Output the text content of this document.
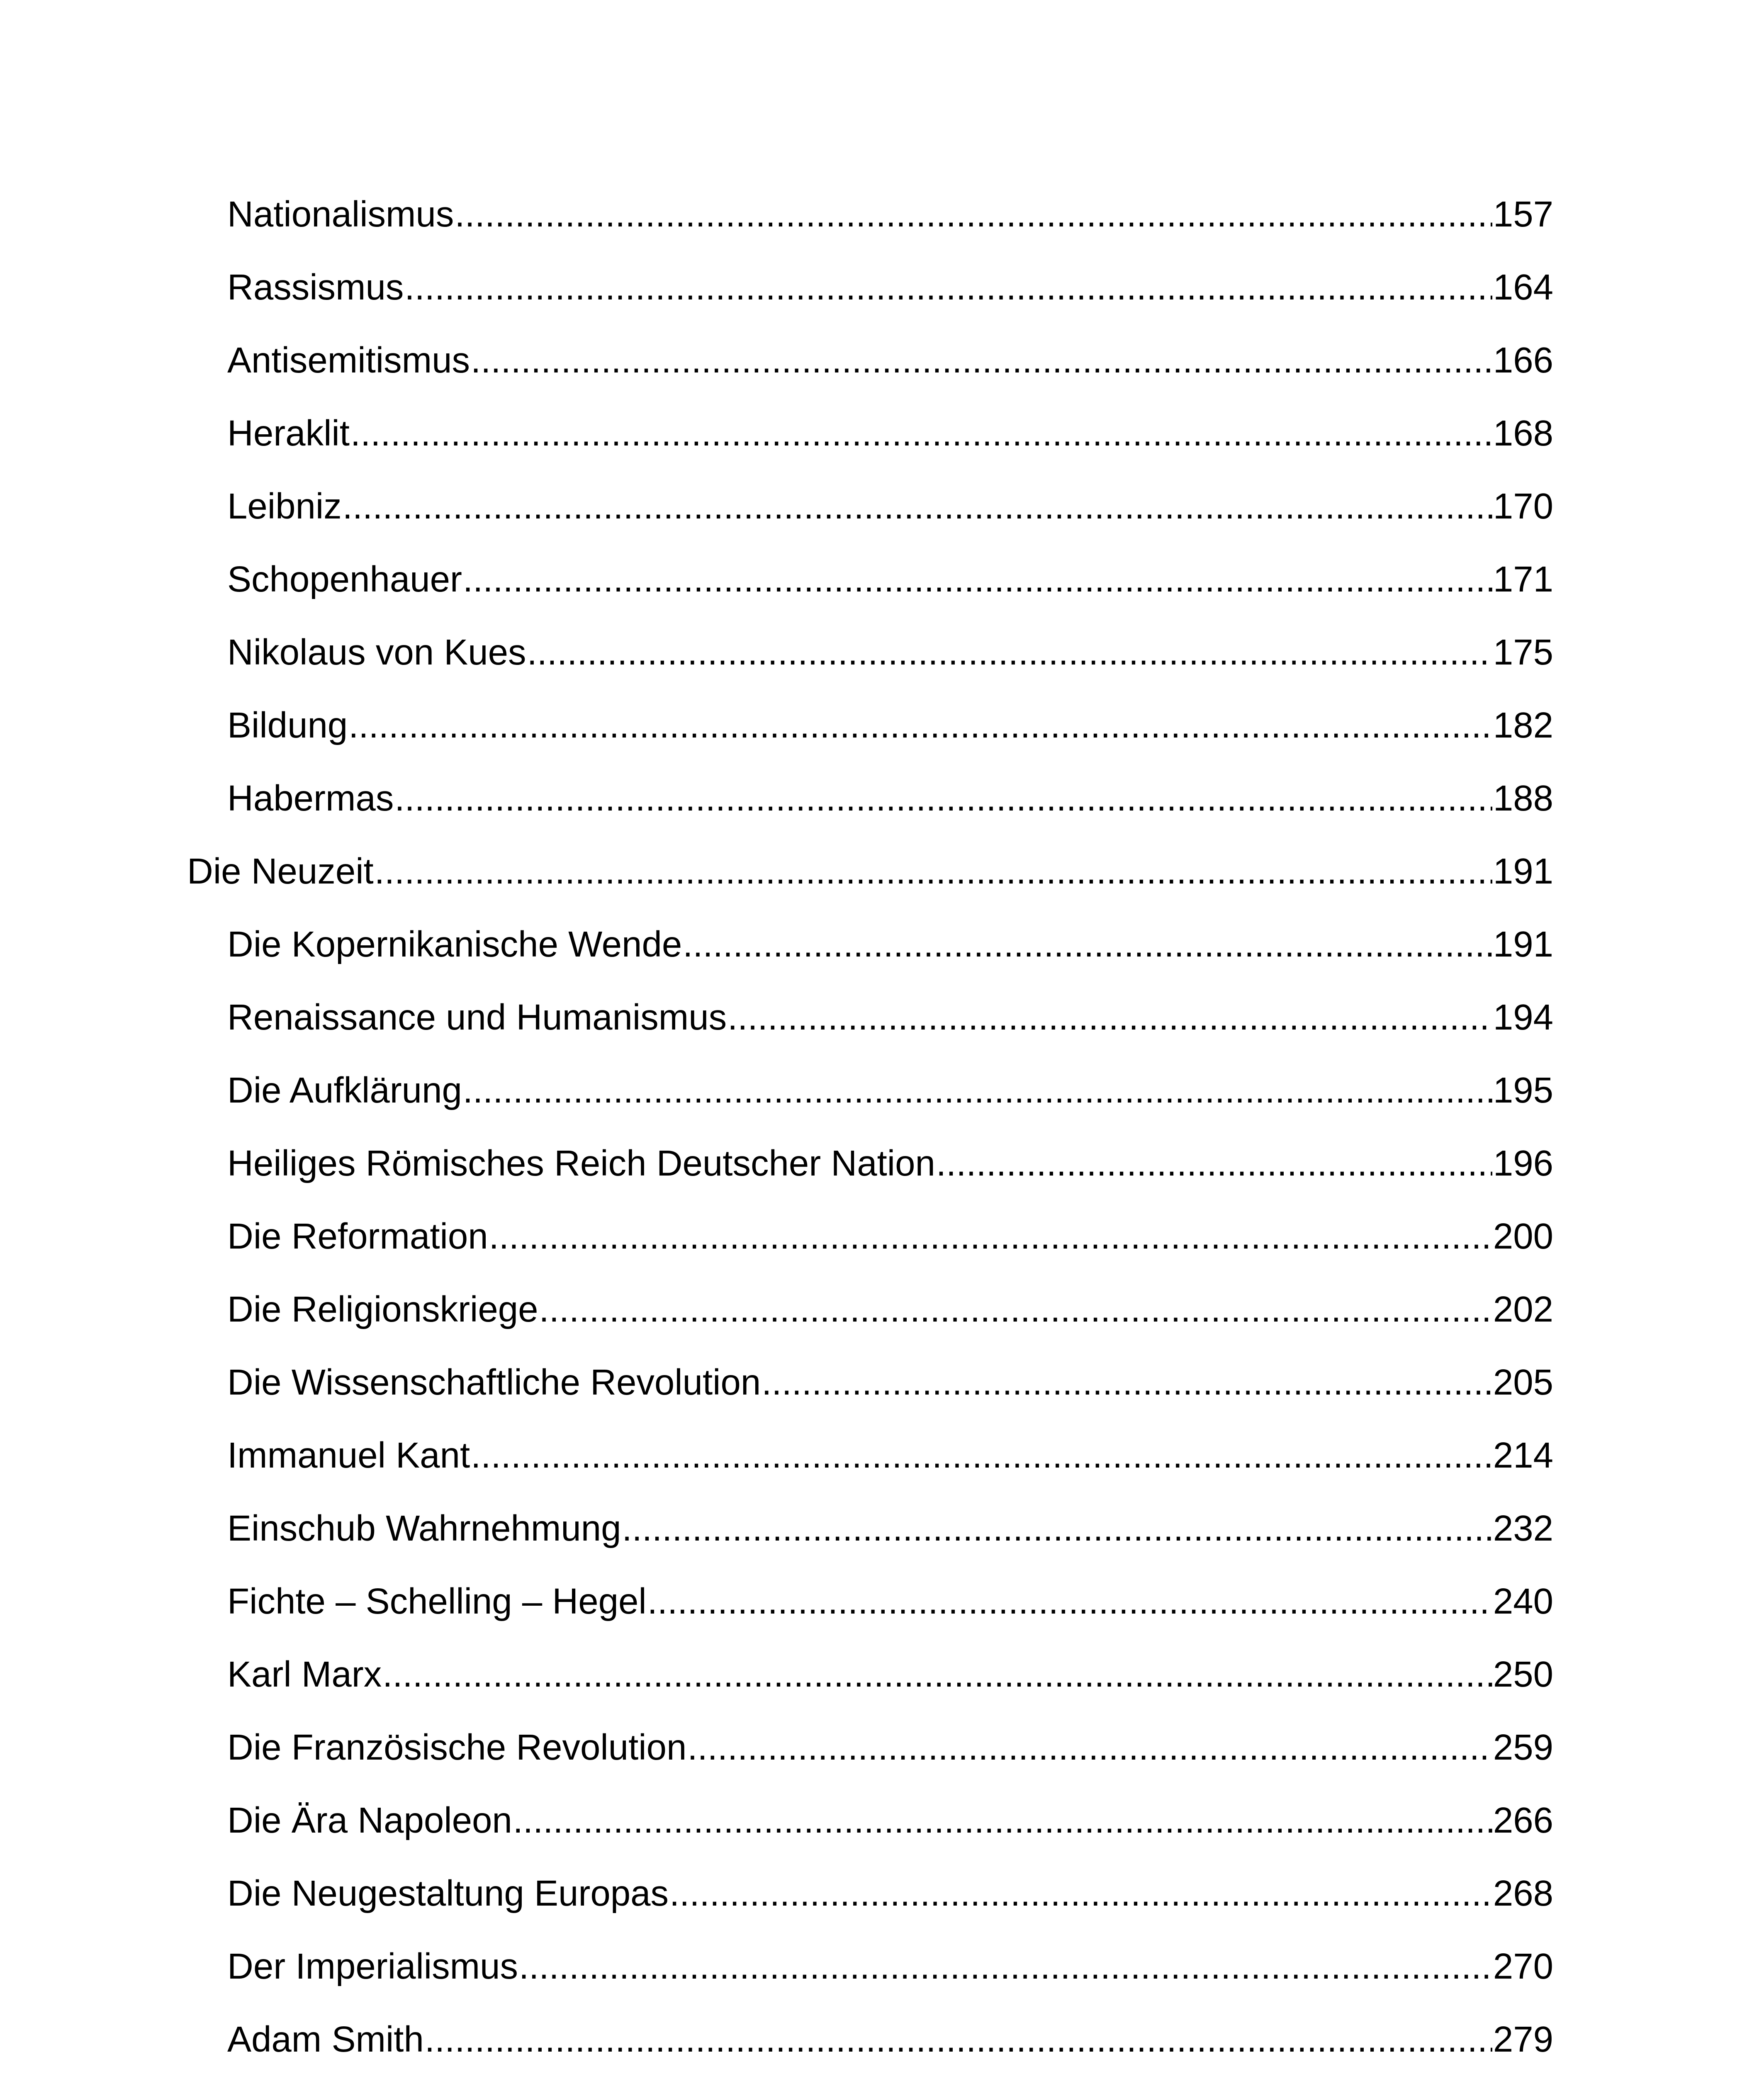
Nationalismus .....	157
Rassismus .....	164
Antisemitismus .....	166
Heraklit .....	168
Leibniz .....	170
Schopenhauer .....	171
Nikolaus von Kues .....	175
Bildung .....	182
Habermas .....	188
Die Neuzeit .....	191
Die Kopernikanische Wende .....	191
Renaissance und Humanismus .....	194
Die Aufklärung .....	195
Heiliges Römisches Reich Deutscher Nation .....	196
Die Reformation .....	200
Die Religionskriege .....	202
Die Wissenschaftliche Revolution .....	205
Immanuel Kant .....	214
Einschub Wahrnehmung .....	232
Fichte – Schelling – Hegel .....	240
Karl Marx .....	250
Die Französische Revolution .....	259
Die Ära Napoleon .....	266
Die Neugestaltung Europas .....	268
Der Imperialismus .....	270
Adam Smith .....	279
